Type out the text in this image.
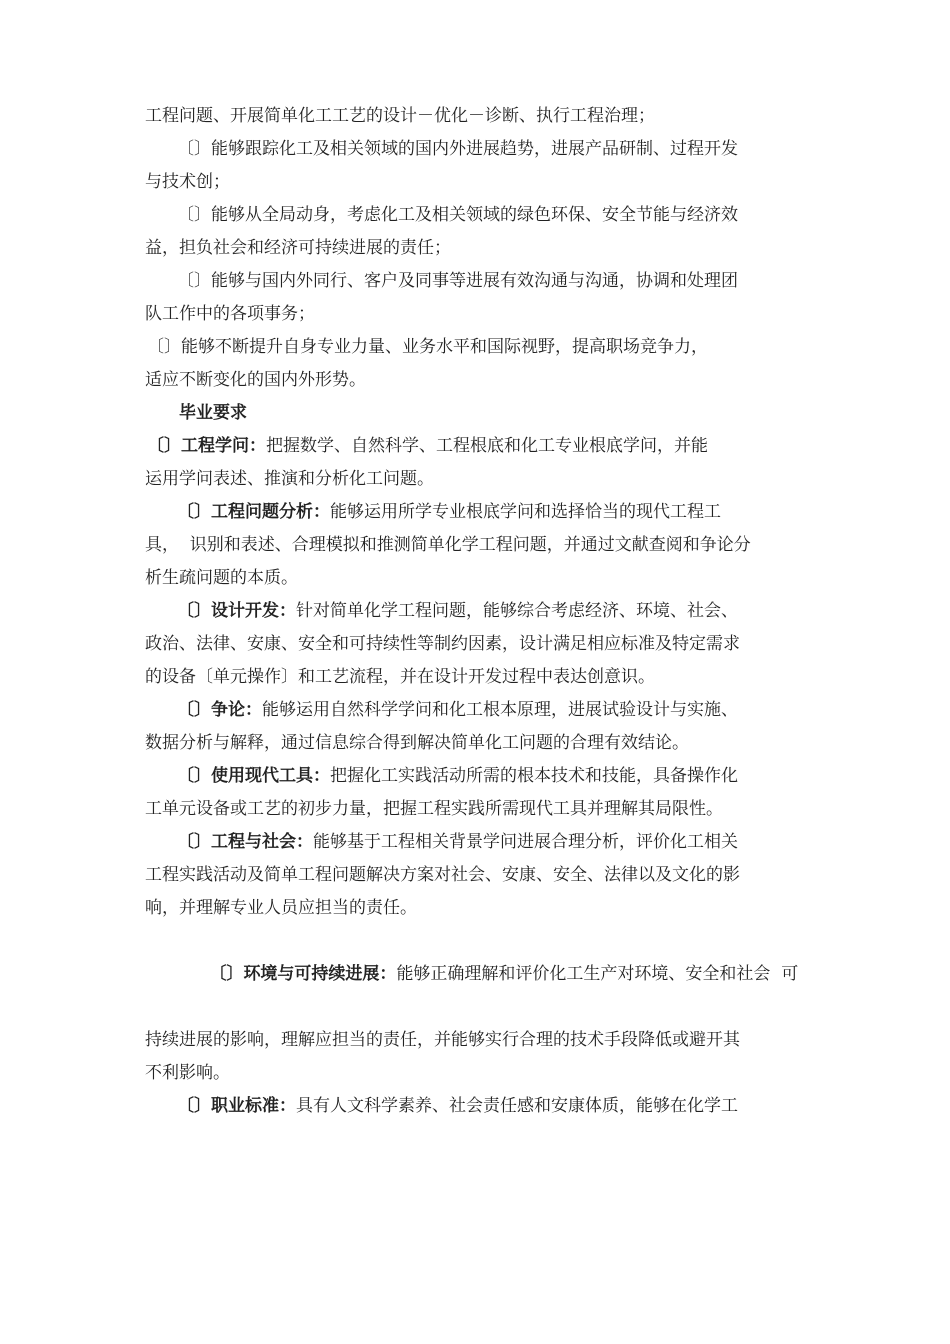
工程问题、开展简单化工工艺的设计－优化－诊断、执行工程治理；
〔〕能够跟踪化工及相关领域的国内外进展趋势，进展产品研制、过程开发
与技术创；
〔〕能够从全局动身，考虑化工及相关领域的绿色环保、安全节能与经济效
益，担负社会和经济可持续进展的责任；
〔〕能够与国内外同行、客户及同事等进展有效沟通与沟通，协调和处理团
队工作中的各项事务；
〔〕能够不断提升自身专业力量、业务水平和国际视野，提高职场竞争力，
适应不断变化的国内外形势。
毕业要求
〔〕工程学问：把握数学、自然科学、工程根底和化工专业根底学问，并能
运用学问表述、推演和分析化工问题。
〔〕工程问题分析：能够运用所学专业根底学问和选择恰当的现代工程工
具，  识别和表述、合理模拟和推测简单化学工程问题，并通过文献查阅和争论分
析生疏问题的本质。
〔〕设计开发：针对简单化学工程问题，能够综合考虑经济、环境、社会、
政治、法律、安康、安全和可持续性等制约因素，设计满足相应标准及特定需求
的设备〔单元操作〕和工艺流程，并在设计开发过程中表达创意识。
〔〕争论：能够运用自然科学学问和化工根本原理，进展试验设计与实施、
数据分析与解释，通过信息综合得到解决简单化工问题的合理有效结论。
〔〕使用现代工具：把握化工实践活动所需的根本技术和技能，具备操作化
工单元设备或工艺的初步力量，把握工程实践所需现代工具并理解其局限性。
〔〕工程与社会：能够基于工程相关背景学问进展合理分析，评价化工相关
工程实践活动及简单工程问题解决方案对社会、安康、安全、法律以及文化的影
响，并理解专业人员应担当的责任。

〔〕环境与可持续进展：能够正确理解和评价化工生产对环境、安全和社会  可

持续进展的影响，理解应担当的责任，并能够实行合理的技术手段降低或避开其
不利影响。
〔〕职业标准：具有人文科学素养、社会责任感和安康体质，能够在化学工
